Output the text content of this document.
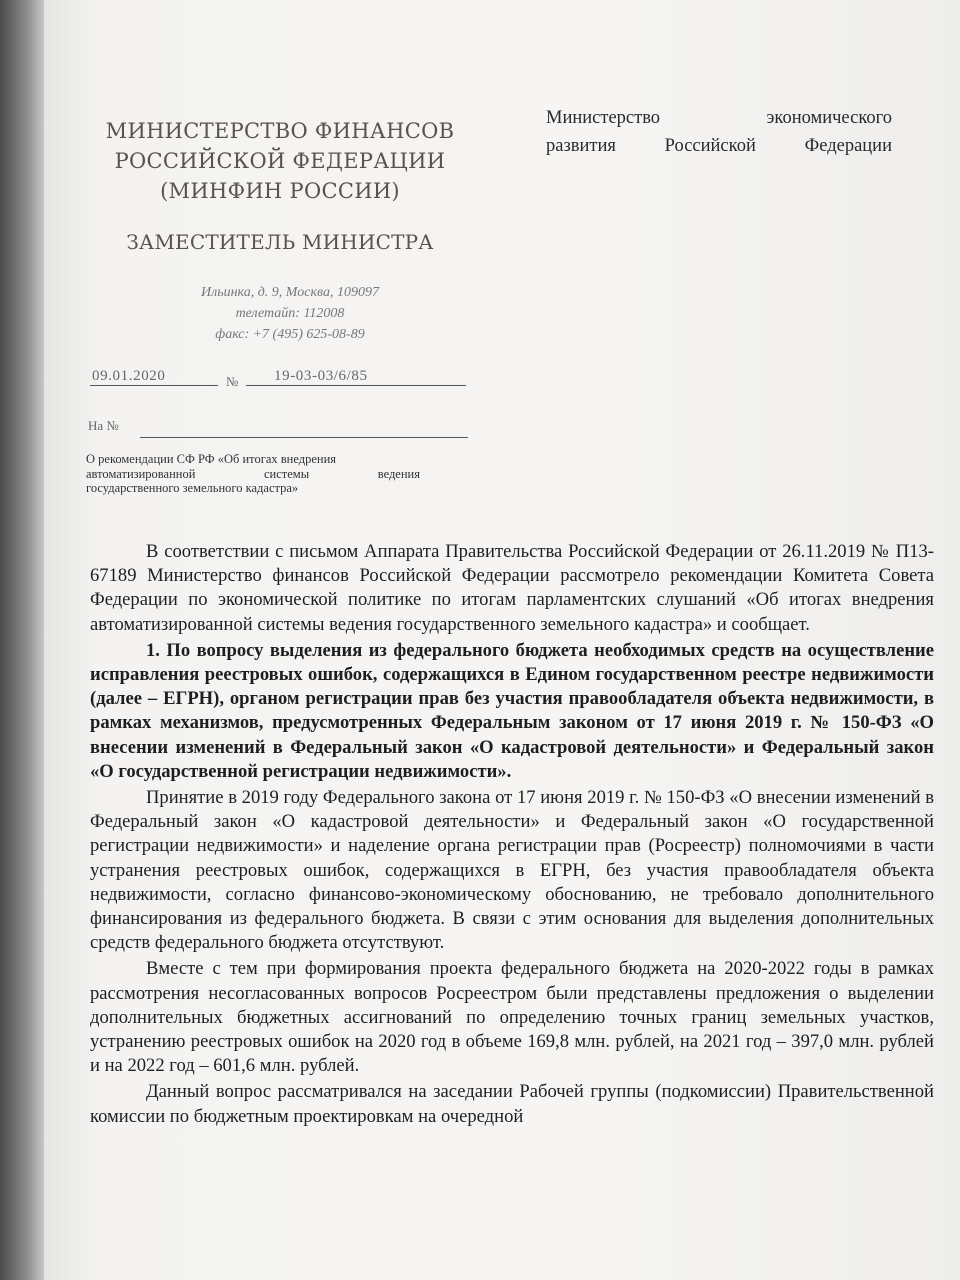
МИНИСТЕРСТВО ФИНАНСОВ
РОССИЙСКОЙ ФЕДЕРАЦИИ
(МИНФИН РОССИИ)
ЗАМЕСТИТЕЛЬ МИНИСТРА
Ильинка, д. 9, Москва, 109097
телетайп: 112008
факс: +7 (495) 625-08-89
Министерство экономического
развития Российской Федерации
09.01.2020	№	19-03-03/6/85
На №
О рекомендации СФ РФ «Об итогах внедрения
автоматизированной системы ведения
государственного земельного кадастра»

В соответствии с письмом Аппарата Правительства Российской Федерации от 26.11.2019 № П13-67189 Министерство финансов Российской Федерации рассмотрело рекомендации Комитета Совета Федерации по экономической политике по итогам парламентских слушаний «Об итогах внедрения автоматизированной системы ведения государственного земельного кадастра» и сообщает.

1. По вопросу выделения из федерального бюджета необходимых средств на осуществление исправления реестровых ошибок, содержащихся в Едином государственном реестре недвижимости (далее – ЕГРН), органом регистрации прав без участия правообладателя объекта недвижимости, в рамках механизмов, предусмотренных Федеральным законом от 17 июня 2019 г. № 150-ФЗ «О внесении изменений в Федеральный закон «О кадастровой деятельности» и Федеральный закон «О государственной регистрации недвижимости».

Принятие в 2019 году Федерального закона от 17 июня 2019 г. № 150-ФЗ «О внесении изменений в Федеральный закон «О кадастровой деятельности» и Федеральный закон «О государственной регистрации недвижимости» и наделение органа регистрации прав (Росреестр) полномочиями в части устранения реестровых ошибок, содержащихся в ЕГРН, без участия правообладателя объекта недвижимости, согласно финансово-экономическому обоснованию, не требовало дополнительного финансирования из федерального бюджета. В связи с этим основания для выделения дополнительных средств федерального бюджета отсутствуют.

Вместе с тем при формирования проекта федерального бюджета на 2020-2022 годы в рамках рассмотрения несогласованных вопросов Росреестром были представлены предложения о выделении дополнительных бюджетных ассигнований по определению точных границ земельных участков, устранению реестровых ошибок на 2020 год в объеме 169,8 млн. рублей, на 2021 год – 397,0 млн. рублей и на 2022 год – 601,6 млн. рублей.

Данный вопрос рассматривался на заседании Рабочей группы (подкомиссии) Правительственной комиссии по бюджетным проектировкам на очередной
